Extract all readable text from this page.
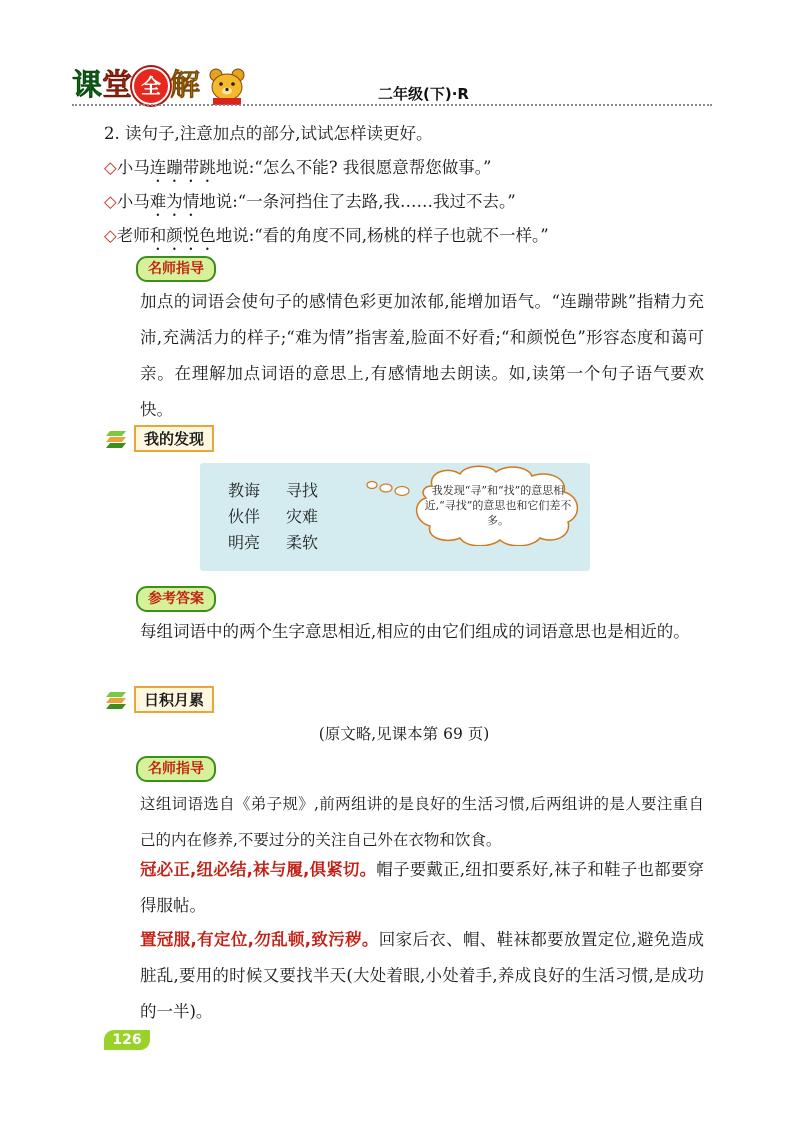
课堂 全 解	二年级(下)·R
2. 读句子,注意加点的部分,试试怎样读更好。
◇小马连蹦带跳地说:“怎么不能? 我很愿意帮您做事。”
◇小马难为情地说:“一条河挡住了去路,我……我过不去。”
◇老师和颜悦色地说:“看的角度不同,杨桃的样子也就不一样。”
名师指导
加点的词语会使句子的感情色彩更加浓郁,能增加语气。“连蹦带跳”指精力充沛,充满活力的样子;“难为情”指害羞,脸面不好看;“和颜悦色”形容态度和蔼可亲。在理解加点词语的意思上,有感情地去朗读。如,读第一个句子语气要欢快。
我的发现
教诲 寻找
伙伴 灾难
明亮 柔软
我发现“寻”和“找”的意思相近,“寻找”的意思也和它们差不多。
参考答案
每组词语中的两个生字意思相近,相应的由它们组成的词语意思也是相近的。
日积月累
(原文略,见课本第 69 页)
名师指导
这组词语选自《弟子规》,前两组讲的是良好的生活习惯,后两组讲的是人要注重自己的内在修养,不要过分的关注自己外在衣物和饮食。
冠必正,纽必结,袜与履,俱紧切。帽子要戴正,纽扣要系好,袜子和鞋子也都要穿得服帖。
置冠服,有定位,勿乱顿,致污秽。回家后衣、帽、鞋袜都要放置定位,避免造成脏乱,要用的时候又要找半天(大处着眼,小处着手,养成良好的生活习惯,是成功的一半)。
126
